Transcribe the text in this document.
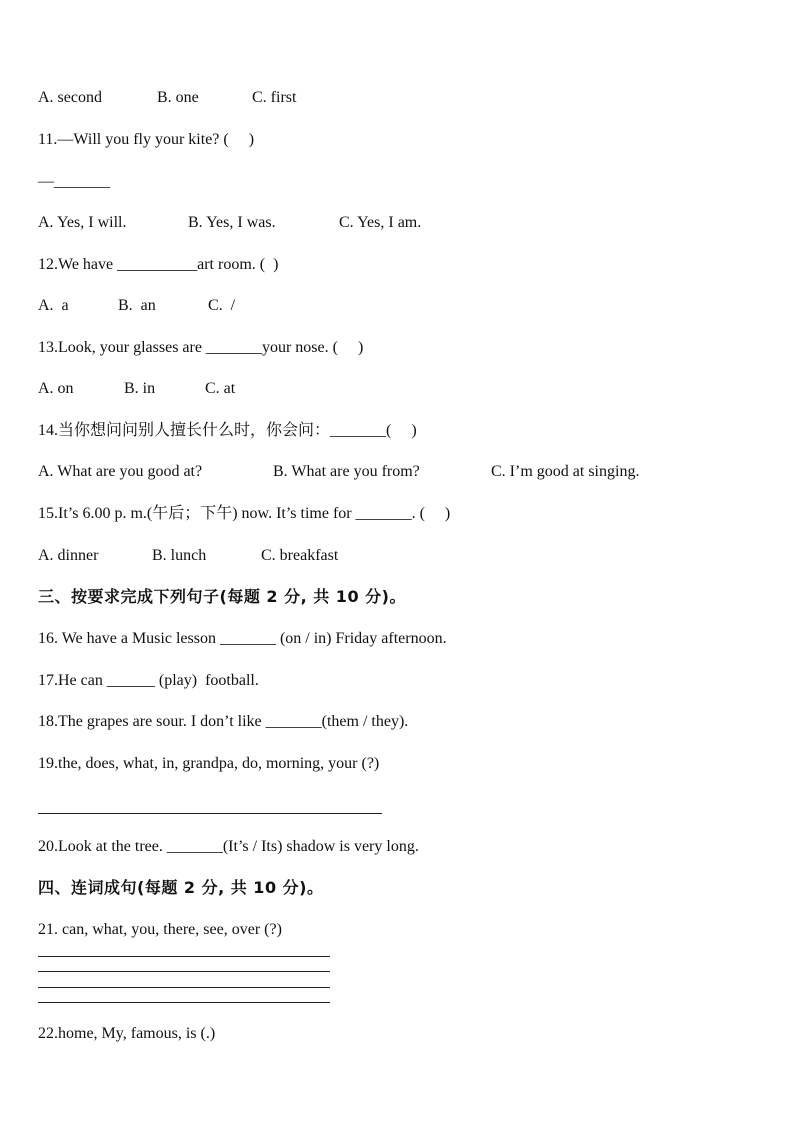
A. second	B. one	C. first
11.—Will you fly your kite? (     )
—_______
A. Yes, I will.	B. Yes, I was.	C. Yes, I am.
12.We have __________art room. (  )
A.  a	B.  an	C.  /
13.Look, your glasses are _______your nose. (     )
A. on	B. in	C. at
14.当你想问问别人擅长什么时，你会问：_______(     )
A. What are you good at?	B. What are you from?	C. I’m good at singing.
15.It’s 6.00 p. m.(午后；下午) now. It’s time for _______. (     )
A. dinner	B. lunch	C. breakfast
三、按要求完成下列句子(每题 2 分, 共 10 分)。
16. We have a Music lesson _______ (on / in) Friday afternoon.
17.He can ______ (play)  football.
18.The grapes are sour. I don’t like _______(them / they).
19.the, does, what, in, grandpa, do, morning, your (?)
20.Look at the tree. _______(It’s / Its) shadow is very long.
四、连词成句(每题 2 分, 共 10 分)。
21. can, what, you, there, see, over (?)
22.home, My, famous, is (.)
